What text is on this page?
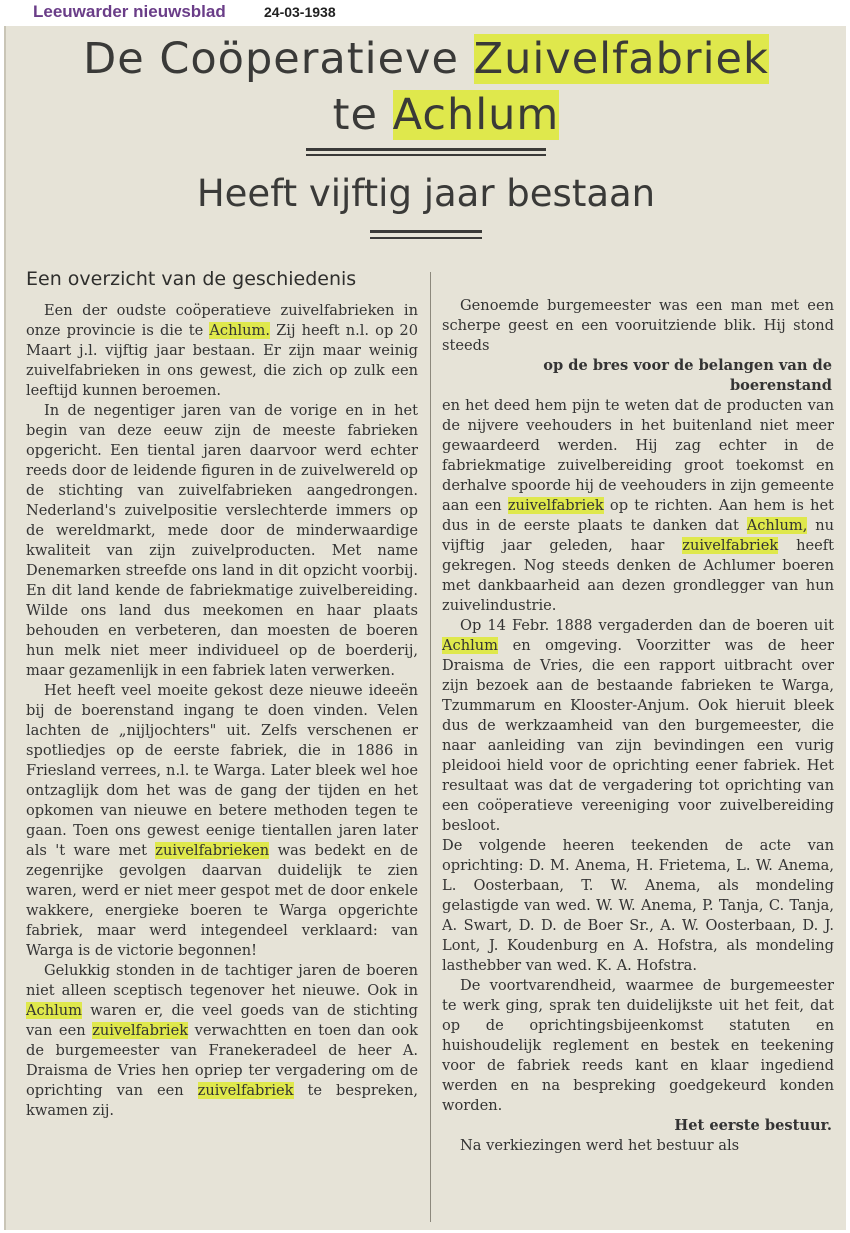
Leeuwarder nieuwsblad	24-03-1938
De Coöperatieve Zuivelfabriek
te Achlum
Heeft vijftig jaar bestaan
Een overzicht van de geschiedenis

Een der oudste coöperatieve zuivelfabrieken in onze provincie is die te Achlum. Zij heeft n.l. op 20 Maart j.l. vijftig jaar bestaan. Er zijn maar weinig zuivelfabrieken in ons gewest, die zich op zulk een leeftijd kunnen beroemen.

In de negentiger jaren van de vorige en in het begin van deze eeuw zijn de meeste fabrieken opgericht. Een tiental jaren daarvoor werd echter reeds door de leidende figuren in de zuivelwereld op de stichting van zuivelfabrieken aangedrongen. Nederland's zuivelpositie verslechterde immers op de wereldmarkt, mede door de minderwaardige kwaliteit van zijn zuivelproducten. Met name Denemarken streefde ons land in dit opzicht voorbij. En dit land kende de fabriekmatige zuivelbereiding. Wilde ons land dus meekomen en haar plaats behouden en verbeteren, dan moesten de boeren hun melk niet meer individueel op de boerderij, maar gezamenlijk in een fabriek laten verwerken.

Het heeft veel moeite gekost deze nieuwe ideeën bij de boerenstand ingang te doen vinden. Velen lachten de „nijljochters" uit. Zelfs verschenen er spotliedjes op de eerste fabriek, die in 1886 in Friesland verrees, n.l. te Warga. Later bleek wel hoe ontzaglijk dom het was de gang der tijden en het opkomen van nieuwe en betere methoden tegen te gaan. Toen ons gewest eenige tientallen jaren later als 't ware met zuivelfabrieken was bedekt en de zegenrijke gevolgen daarvan duidelijk te zien waren, werd er niet meer gespot met de door enkele wakkere, energieke boeren te Warga opgerichte fabriek, maar werd integendeel verklaard: van Warga is de victorie begonnen!

Gelukkig stonden in de tachtiger jaren de boeren niet alleen sceptisch tegenover het nieuwe. Ook in Achlum waren er, die veel goeds van de stichting van een zuivelfabriek verwachtten en toen dan ook de burgemeester van Franekeradeel de heer A. Draisma de Vries hen opriep ter vergadering om de oprichting van een zuivelfabriek te bespreken, kwamen zij.

Genoemde burgemeester was een man met een scherpe geest en een vooruitziende blik. Hij stond steeds

op de bres voor de belangen van de boerenstand

en het deed hem pijn te weten dat de producten van de nijvere veehouders in het buitenland niet meer gewaardeerd werden. Hij zag echter in de fabriekmatige zuivelbereiding groot toekomst en derhalve spoorde hij de veehouders in zijn gemeente aan een zuivelfabriek op te richten. Aan hem is het dus in de eerste plaats te danken dat Achlum, nu vijftig jaar geleden, haar zuivelfabriek heeft gekregen. Nog steeds denken de Achlumer boeren met dankbaarheid aan dezen grondlegger van hun zuivelindustrie.

Op 14 Febr. 1888 vergaderden dan de boeren uit Achlum en omgeving. Voorzitter was de heer Draisma de Vries, die een rapport uitbracht over zijn bezoek aan de bestaande fabrieken te Warga, Tzummarum en Klooster-Anjum. Ook hieruit bleek dus de werkzaamheid van den burgemeester, die naar aanleiding van zijn bevindingen een vurig pleidooi hield voor de oprichting eener fabriek. Het resultaat was dat de vergadering tot oprichting van een coöperatieve vereeniging voor zuivelbereiding besloot.

De volgende heeren teekenden de acte van oprichting: D. M. Anema, H. Frietema, L. W. Anema, L. Oosterbaan, T. W. Anema, als mondeling gelastigde van wed. W. W. Anema, P. Tanja, C. Tanja, A. Swart, D. D. de Boer Sr., A. W. Oosterbaan, D. J. Lont, J. Koudenburg en A. Hofstra, als mondeling lasthebber van wed. K. A. Hofstra.

De voortvarendheid, waarmee de burgemeester te werk ging, sprak ten duidelijkste uit het feit, dat op de oprichtingsbijeenkomst statuten en huishoudelijk reglement en bestek en teekening voor de fabriek reeds kant en klaar ingediend werden en na bespreking goedgekeurd konden worden.

Het eerste bestuur.

Na verkiezingen werd het bestuur als
